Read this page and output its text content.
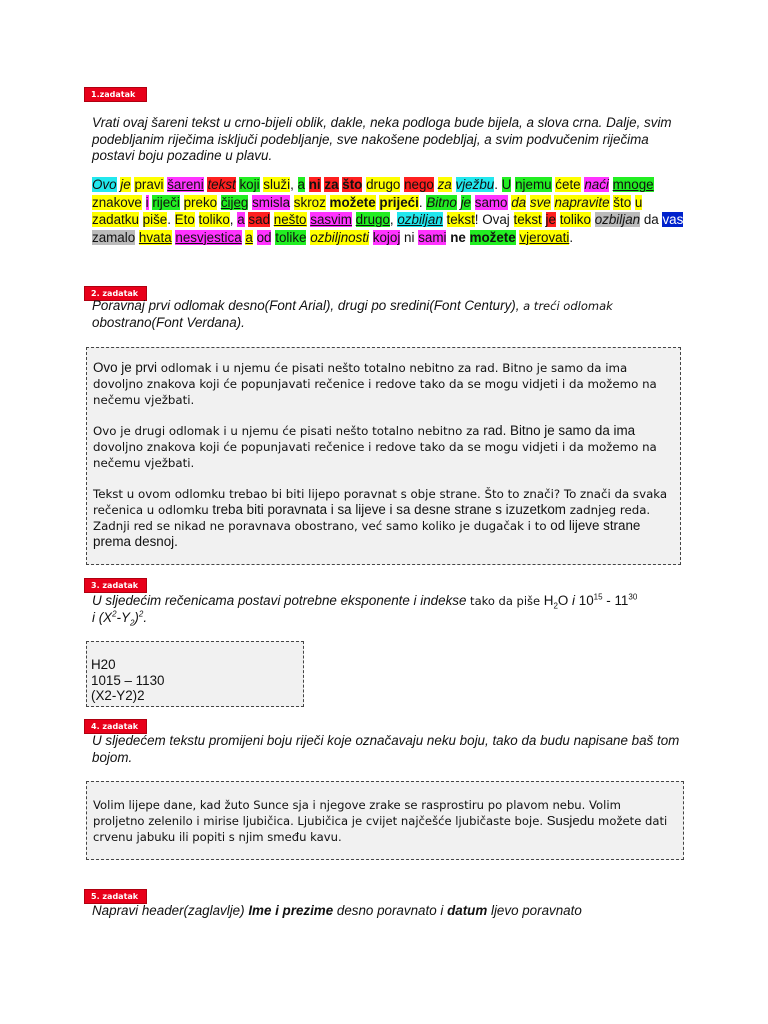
1.zadatak
Vrati ovaj šareni tekst u crno-bijeli oblik, dakle, neka podloga bude bijela, a slova crna. Dalje, svim podebljanim riječima isključi podebljanje, sve nakošene podebljaj, a svim podvučenim riječima postavi boju pozadine u plavu.
Ovo je pravi šareni tekst koji služi, a ni za što drugo nego za vježbu. U njemu ćete naći mnoge znakove i riječi preko čijeg smisla skroz možete prijeći. Bitno je samo da sve napravite što u zadatku piše. Eto toliko, a sad nešto sasvim drugo, ozbiljan tekst! Ovaj tekst je toliko ozbiljan da vas zamalo hvata nesvjestica a od tolike ozbiljnosti kojoj ni sami ne možete vjerovati.
2. zadatak
Poravnaj prvi odlomak desno(Font Arial), drugi po sredini(Font Century), a treći odlomak
obostrano(Font Verdana).

Ovo je prvi odlomak i u njemu će pisati nešto totalno nebitno za rad. Bitno je samo da ima dovoljno znakova koji će popunjavati rečenice i redove tako da se mogu vidjeti i da možemo na nečemu vježbati.

Ovo je drugi odlomak i u njemu će pisati nešto totalno nebitno za rad. Bitno je samo da ima dovoljno znakova koji će popunjavati rečenice i redove tako da se mogu vidjeti i da možemo na nečemu vježbati.

Tekst u ovom odlomku trebao bi biti lijepo poravnat s obje strane. Što to znači? To znači da svaka rečenica u odlomku treba biti poravnata i sa lijeve i sa desne strane s izuzetkom zadnjeg reda. Zadnji red se nikad ne poravnava obostrano, već samo koliko je dugačak i to od lijeve strane prema desnoj.

3. zadatak
U sljedećim rečenicama postavi potrebne eksponente i indekse tako da piše $H_2O$ i $10^{15} - 11^{30}$
i $(X^2-Y_2)^2$.
H20
1015 – 1130
(X2-Y2)2
4. zadatak
U sljedećem tekstu promijeni boju riječi koje označavaju neku boju, tako da budu napisane baš tom bojom.

Volim lijepe dane, kad žuto Sunce sja i njegove zrake se rasprostiru po plavom nebu. Volim proljetno zelenilo i mirise ljubičica. Ljubičica je cvijet najčešće ljubičaste boje. Susjedu možete dati crvenu jabuku ili popiti s njim smeđu kavu.

5. zadatak
Napravi header(zaglavlje) Ime i prezime desno poravnato i datum ljevo poravnato
